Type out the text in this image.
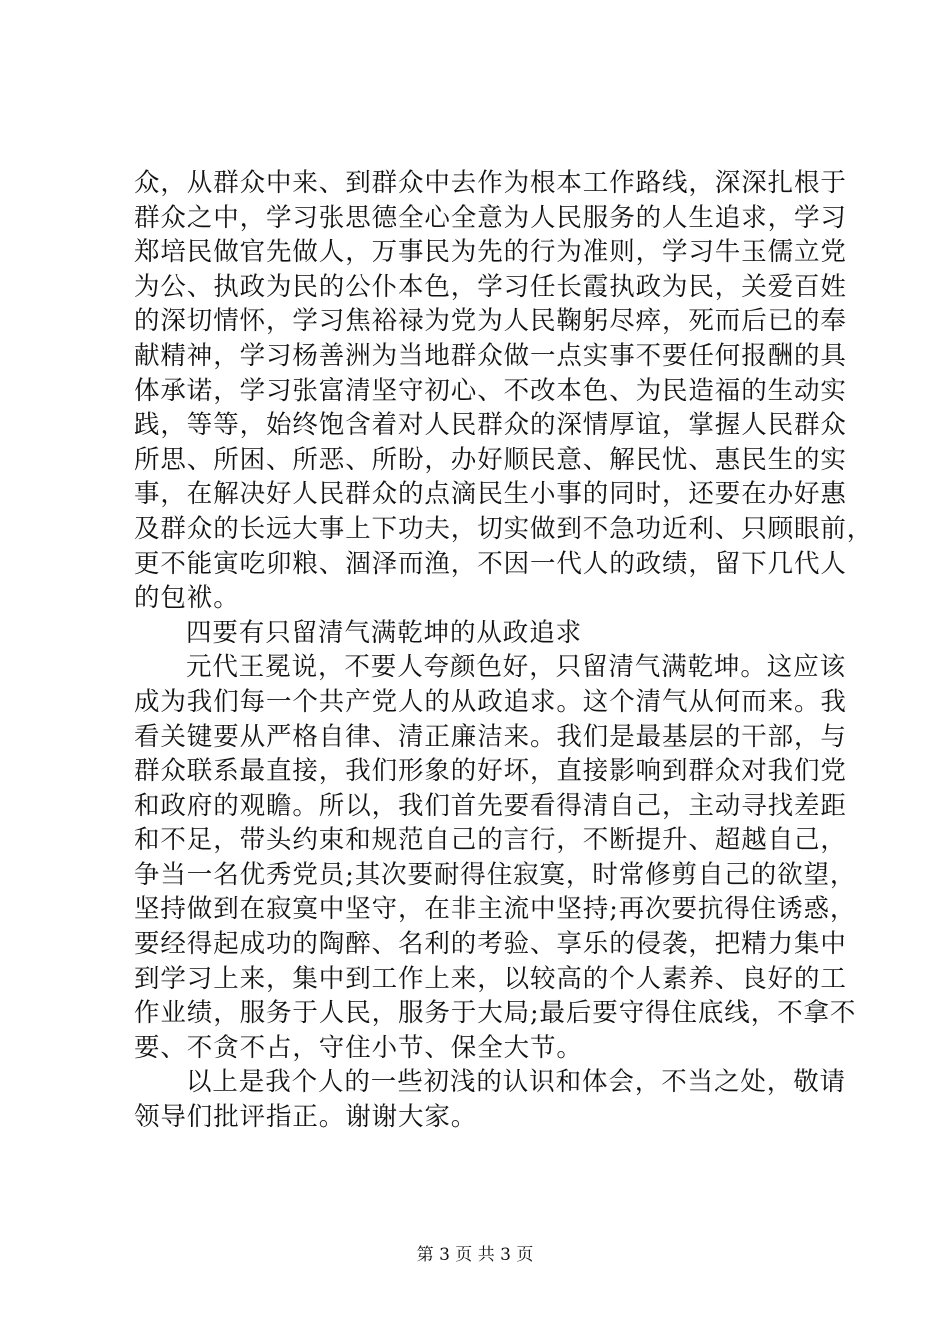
众，从群众中来、到群众中去作为根本工作路线，深深扎根于
群众之中，学习张思德全心全意为人民服务的人生追求，学习
郑培民做官先做人，万事民为先的行为准则，学习牛玉儒立党
为公、执政为民的公仆本色，学习任长霞执政为民，关爱百姓
的深切情怀，学习焦裕禄为党为人民鞠躬尽瘁，死而后已的奉
献精神，学习杨善洲为当地群众做一点实事不要任何报酬的具
体承诺，学习张富清坚守初心、不改本色、为民造福的生动实
践，等等，始终饱含着对人民群众的深情厚谊，掌握人民群众
所思、所困、所恶、所盼，办好顺民意、解民忧、惠民生的实
事，在解决好人民群众的点滴民生小事的同时，还要在办好惠
及群众的长远大事上下功夫，切实做到不急功近利、只顾眼前，
更不能寅吃卯粮、涸泽而渔，不因一代人的政绩，留下几代人
的包袱。
四要有只留清气满乾坤的从政追求
元代王冕说，不要人夸颜色好，只留清气满乾坤。这应该
成为我们每一个共产党人的从政追求。这个清气从何而来。我
看关键要从严格自律、清正廉洁来。我们是最基层的干部，与
群众联系最直接，我们形象的好坏，直接影响到群众对我们党
和政府的观瞻。所以，我们首先要看得清自己，主动寻找差距
和不足，带头约束和规范自己的言行，不断提升、超越自己，
争当一名优秀党员;其次要耐得住寂寞，时常修剪自己的欲望，
坚持做到在寂寞中坚守，在非主流中坚持;再次要抗得住诱惑，
要经得起成功的陶醉、名利的考验、享乐的侵袭，把精力集中
到学习上来，集中到工作上来，以较高的个人素养、良好的工
作业绩，服务于人民，服务于大局;最后要守得住底线，不拿不
要、不贪不占，守住小节、保全大节。
以上是我个人的一些初浅的认识和体会，不当之处，敬请
领导们批评指正。谢谢大家。
第 3 页 共 3 页
